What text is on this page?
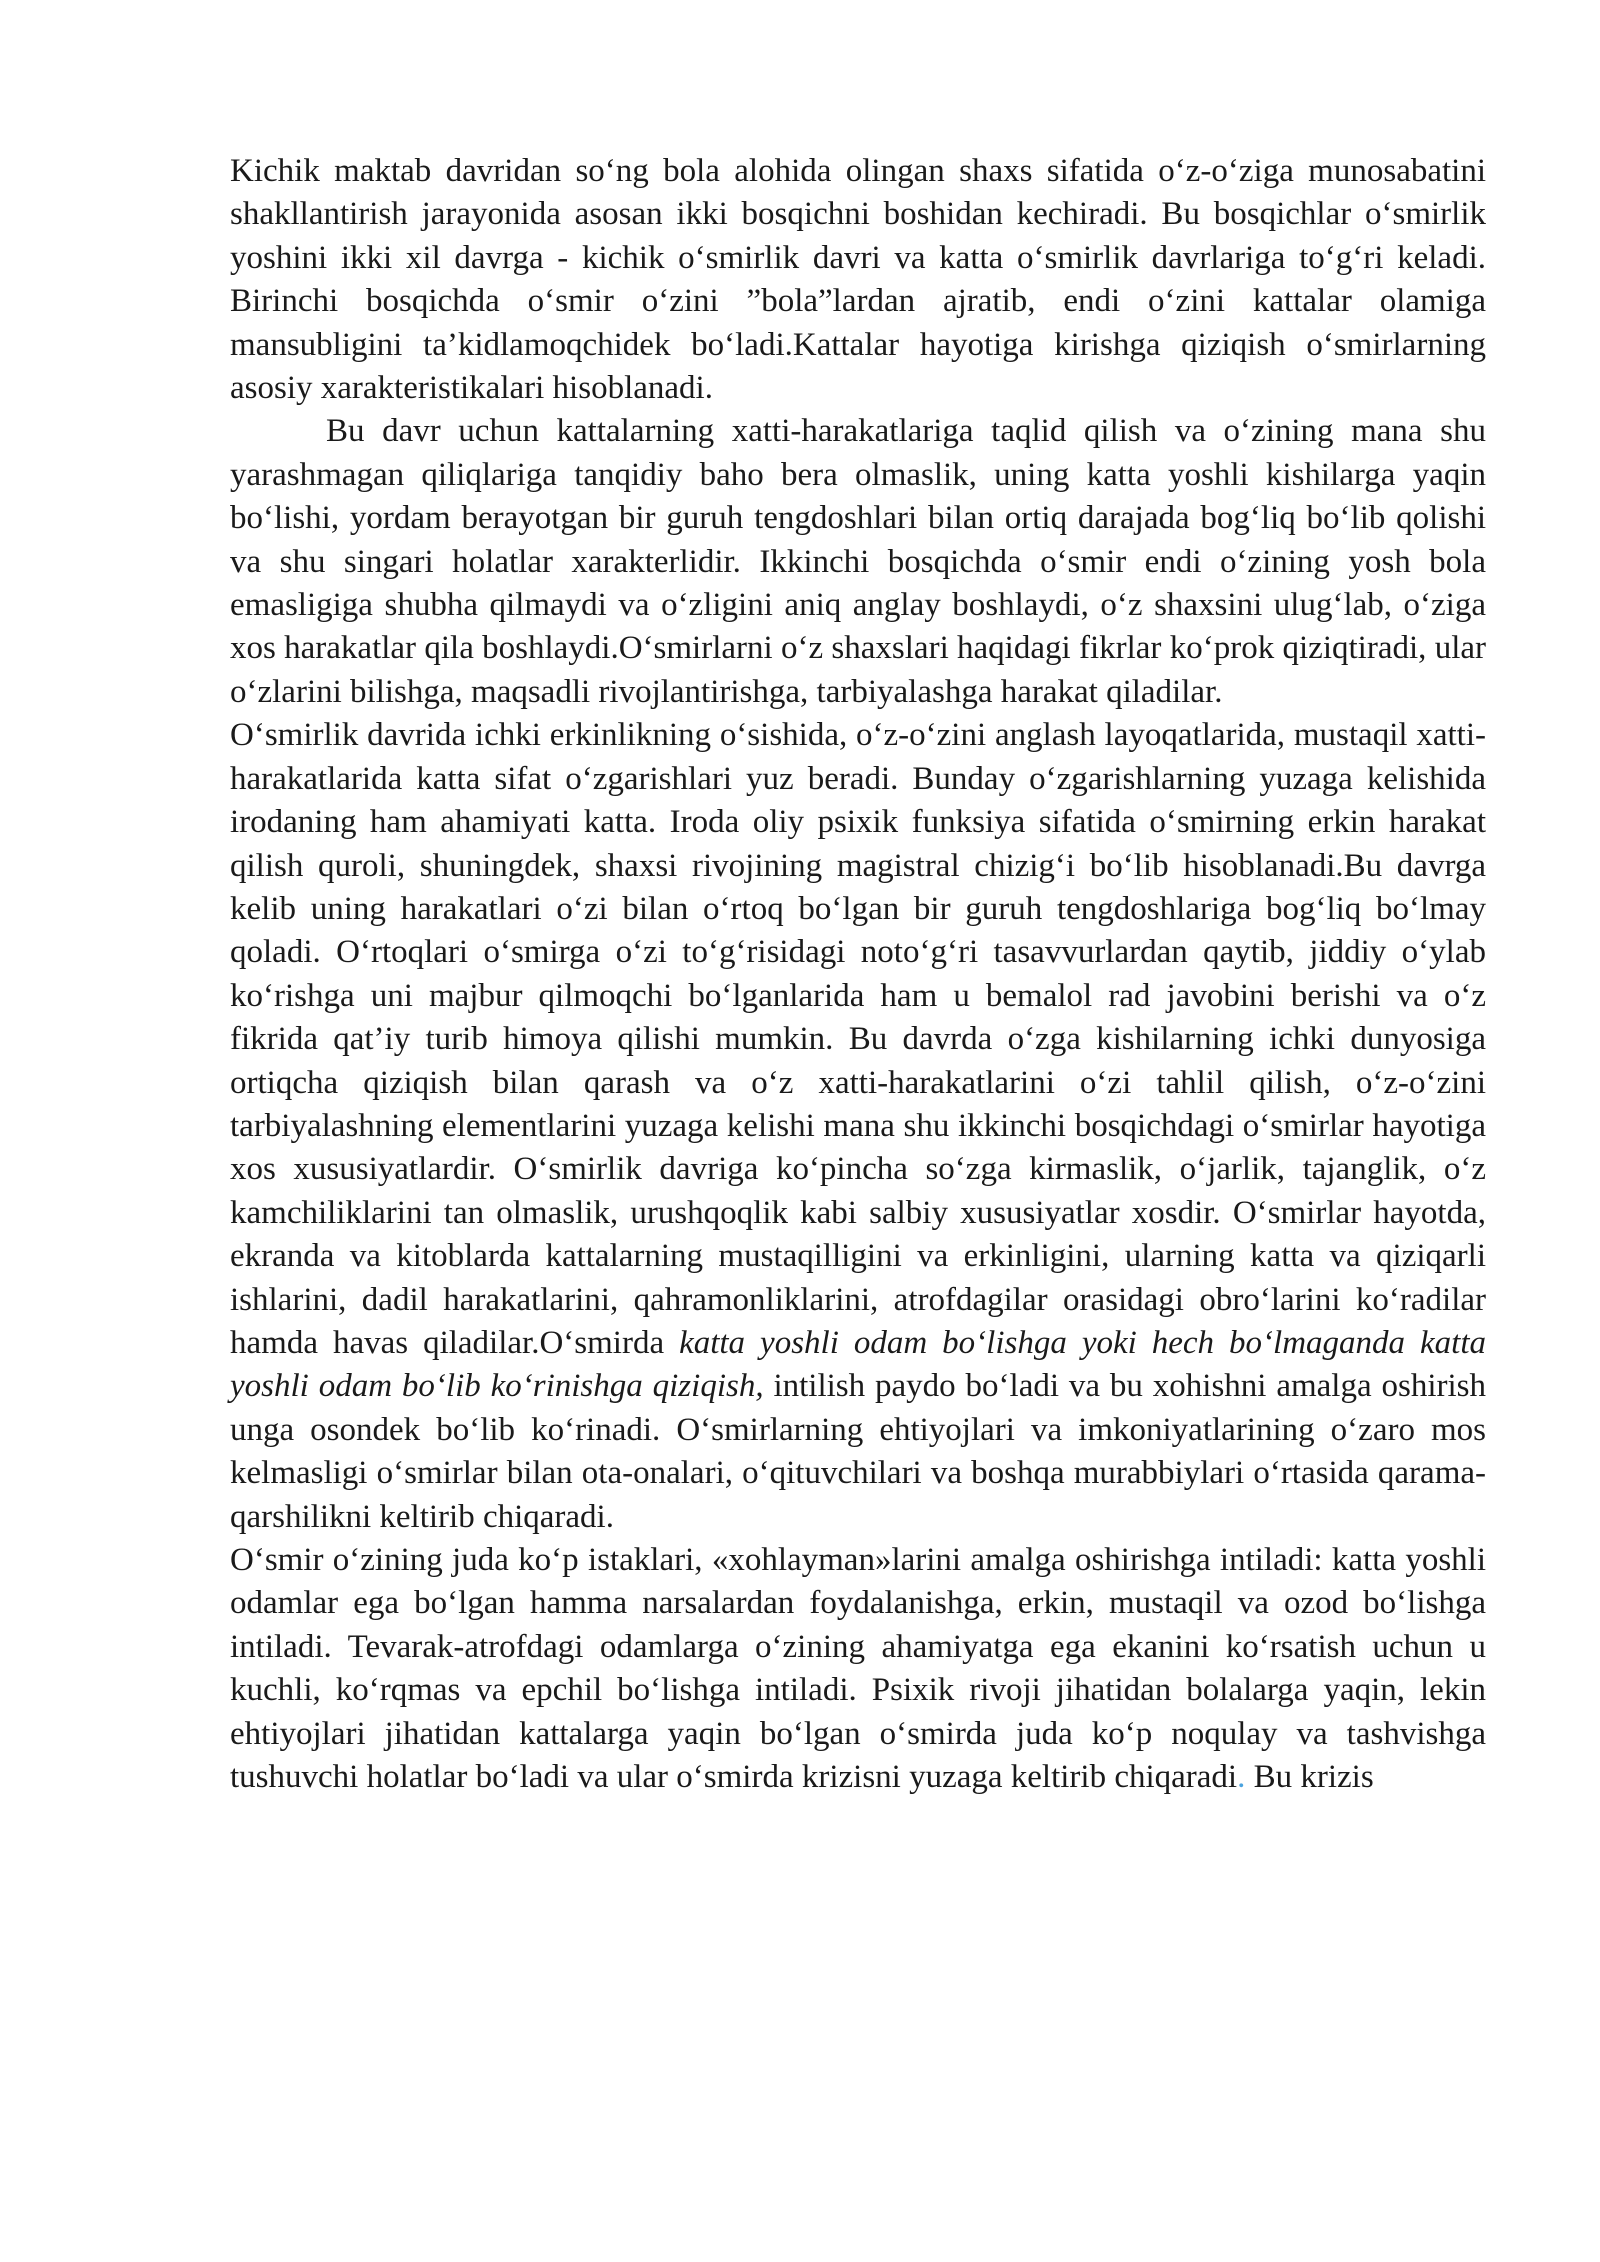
Kichik maktab davridan so‘ng bola alohida olingan shaxs sifatida o‘z-o‘ziga munosabatini shakllantirish jarayonida asosan ikki bosqichni boshidan kechiradi. Bu bosqichlar o‘smirlik yoshini ikki xil davrga - kichik o‘smirlik davri va katta o‘smirlik davrlariga to‘g‘ri keladi. Birinchi bosqichda o‘smir o‘zini ”bola”lardan ajratib, endi o‘zini kattalar olamiga mansubligini ta’kidlamoqchidek bo‘ladi.Kattalar hayotiga kirishga qiziqish o‘smirlarning asosiy xarakteristikalari hisoblanadi.

Bu davr uchun kattalarning xatti-harakatlariga taqlid qilish va o‘zining mana shu yarashmagan qiliqlariga tanqidiy baho bera olmaslik, uning katta yoshli kishilarga yaqin bo‘lishi, yordam berayotgan bir guruh tengdoshlari bilan ortiq darajada bog‘liq bo‘lib qolishi va shu singari holatlar xarakterlidir. Ikkinchi bosqichda o‘smir endi o‘zining yosh bola emasligiga shubha qilmaydi va o‘zligini aniq anglay boshlaydi, o‘z shaxsini ulug‘lab, o‘ziga xos harakatlar qila boshlaydi.O‘smirlarni o‘z shaxslari haqidagi fikrlar ko‘prok qiziqtiradi, ular o‘zlarini bilishga, maqsadli rivojlantirishga, tarbiyalashga harakat qiladilar.

O‘smirlik davrida ichki erkinlikning o‘sishida, o‘z-o‘zini anglash layoqatlarida, mustaqil xatti-harakatlarida katta sifat o‘zgarishlari yuz beradi. Bunday o‘zgarishlarning yuzaga kelishida irodaning ham ahamiyati katta. Iroda oliy psixik funksiya sifatida o‘smirning erkin harakat qilish quroli, shuningdek, shaxsi rivojining magistral chizig‘i bo‘lib hisoblanadi.Bu davrga kelib uning harakatlari o‘zi bilan o‘rtoq bo‘lgan bir guruh tengdoshlariga bog‘liq bo‘lmay qoladi. O‘rtoqlari o‘smirga o‘zi to‘g‘risidagi noto‘g‘ri tasavvurlardan qaytib, jiddiy o‘ylab ko‘rishga uni majbur qilmoqchi bo‘lganlarida ham u bemalol rad javobini berishi va o‘z fikrida qat’iy turib himoya qilishi mumkin. Bu davrda o‘zga kishilarning ichki dunyosiga ortiqcha qiziqish bilan qarash va o‘z xatti-harakatlarini o‘zi tahlil qilish, o‘z-o‘zini tarbiyalashning elementlarini yuzaga kelishi mana shu ikkinchi bosqichdagi o‘smirlar hayotiga xos xususiyatlardir. O‘smirlik davriga ko‘pincha so‘zga kirmaslik, o‘jarlik, tajanglik, o‘z kamchiliklarini tan olmaslik, urushqoqlik kabi salbiy xususiyatlar xosdir. O‘smirlar hayotda, ekranda va kitoblarda kattalarning mustaqilligini va erkinligini, ularning katta va qiziqarli ishlarini, dadil harakatlarini, qahramonliklarini, atrofdagilar orasidagi obro‘larini ko‘radilar hamda havas qiladilar.O‘smirda katta yoshli odam bo‘lishga yoki hech bo‘lmaganda katta yoshli odam bo‘lib ko‘rinishga qiziqish, intilish paydo bo‘ladi va bu xohishni amalga oshirish unga osondek bo‘lib ko‘rinadi. O‘smirlarning ehtiyojlari va imkoniyatlarining o‘zaro mos kelmasligi o‘smirlar bilan ota-onalari, o‘qituvchilari va boshqa murabbiylari o‘rtasida qarama-qarshilikni keltirib chiqaradi.

O‘smir o‘zining juda ko‘p istaklari, «xohlayman»larini amalga oshirishga intiladi: katta yoshli odamlar ega bo‘lgan hamma narsalardan foydalanishga, erkin, mustaqil va ozod bo‘lishga intiladi. Tevarak-atrofdagi odamlarga o‘zining ahamiyatga ega ekanini ko‘rsatish uchun u kuchli, ko‘rqmas va epchil bo‘lishga intiladi. Psixik rivoji jihatidan bolalarga yaqin, lekin ehtiyojlari jihatidan kattalarga yaqin bo‘lgan o‘smirda juda ko‘p noqulay va tashvishga tushuvchi holatlar bo‘ladi va ular o‘smirda krizisni yuzaga keltirib chiqaradi. Bu krizis
